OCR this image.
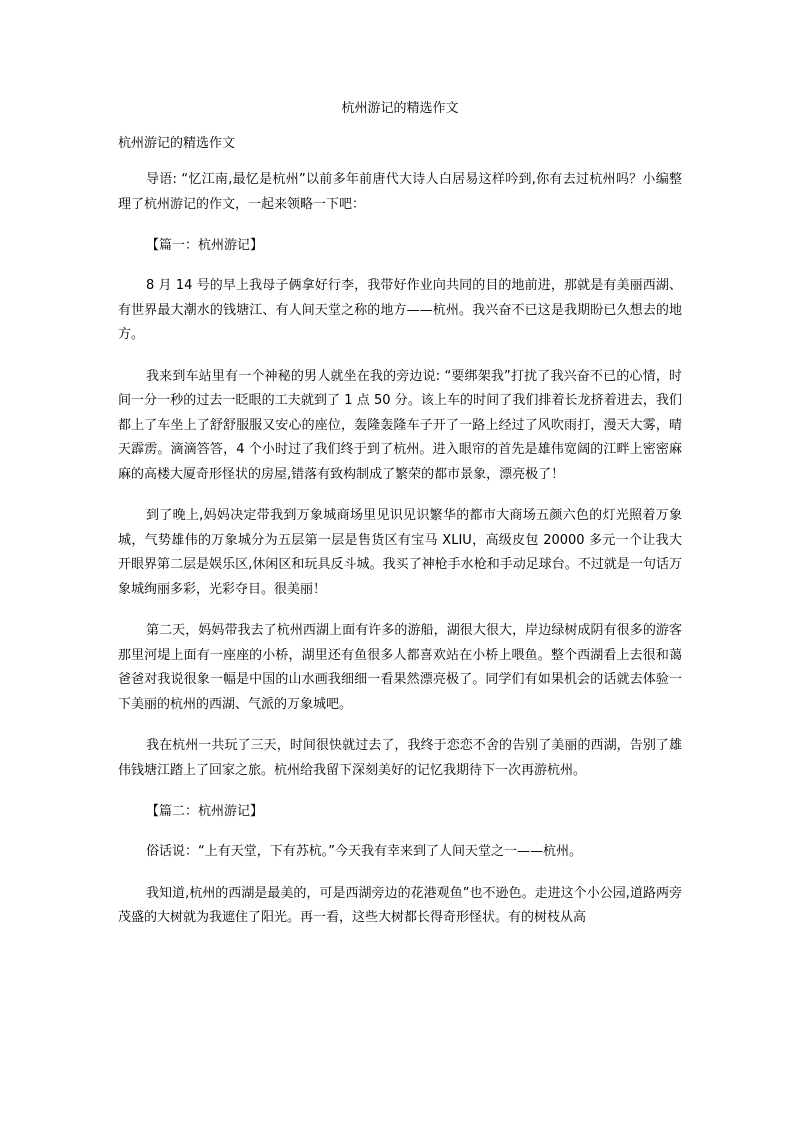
杭州游记的精选作文
杭州游记的精选作文

导语: “忆江南,最忆是杭州”以前多年前唐代大诗人白居易这样吟到,你有去过杭州吗？小编整理了杭州游记的作文，一起来领略一下吧：

【篇一：杭州游记】

8 月 14 号的早上我母子俩拿好行李，我带好作业向共同的目的地前进，那就是有美丽西湖、有世界最大潮水的钱塘江、有人间天堂之称的地方——杭州。我兴奋不已这是我期盼已久想去的地方。

我来到车站里有一个神秘的男人就坐在我的旁边说: “要绑架我”打扰了我兴奋不已的心情，时间一分一秒的过去一眨眼的工夫就到了 1 点 50 分。该上车的时间了我们排着长龙挤着进去，我们都上了车坐上了舒舒服服又安心的座位，轰隆轰隆车子开了一路上经过了风吹雨打，漫天大雾，晴天霹雳。滴滴答答，4 个小时过了我们终于到了杭州。进入眼帘的首先是雄伟宽阔的江畔上密密麻麻的高楼大厦奇形怪状的房屋,错落有致构制成了繁荣的都市景象，漂亮极了！

到了晚上,妈妈决定带我到万象城商场里见识见识繁华的都市大商场五颜六色的灯光照着万象城，气势雄伟的万象城分为五层第一层是售货区有宝马 XLIU，高级皮包 20000 多元一个让我大开眼界第二层是娱乐区,休闲区和玩具反斗城。我买了神枪手水枪和手动足球台。不过就是一句话万象城绚丽多彩，光彩夺目。很美丽！

第二天，妈妈带我去了杭州西湖上面有许多的游船，湖很大很大，岸边绿树成阴有很多的游客那里河堤上面有一座座的小桥，湖里还有鱼很多人都喜欢站在小桥上喂鱼。整个西湖看上去很和蔼爸爸对我说很象一幅是中国的山水画我细细一看果然漂亮极了。同学们有如果机会的话就去体验一下美丽的杭州的西湖、气派的万象城吧。

我在杭州一共玩了三天，时间很快就过去了，我终于恋恋不舍的告别了美丽的西湖，告别了雄伟钱塘江踏上了回家之旅。杭州给我留下深刻美好的记忆我期待下一次再游杭州。

【篇二：杭州游记】

俗话说：“上有天堂，下有苏杭。”今天我有幸来到了人间天堂之一——杭州。

我知道,杭州的西湖是最美的，可是西湖旁边的花港观鱼”也不逊色。走进这个小公园,道路两旁茂盛的大树就为我遮住了阳光。再一看，这些大树都长得奇形怪状。有的树枝从高
